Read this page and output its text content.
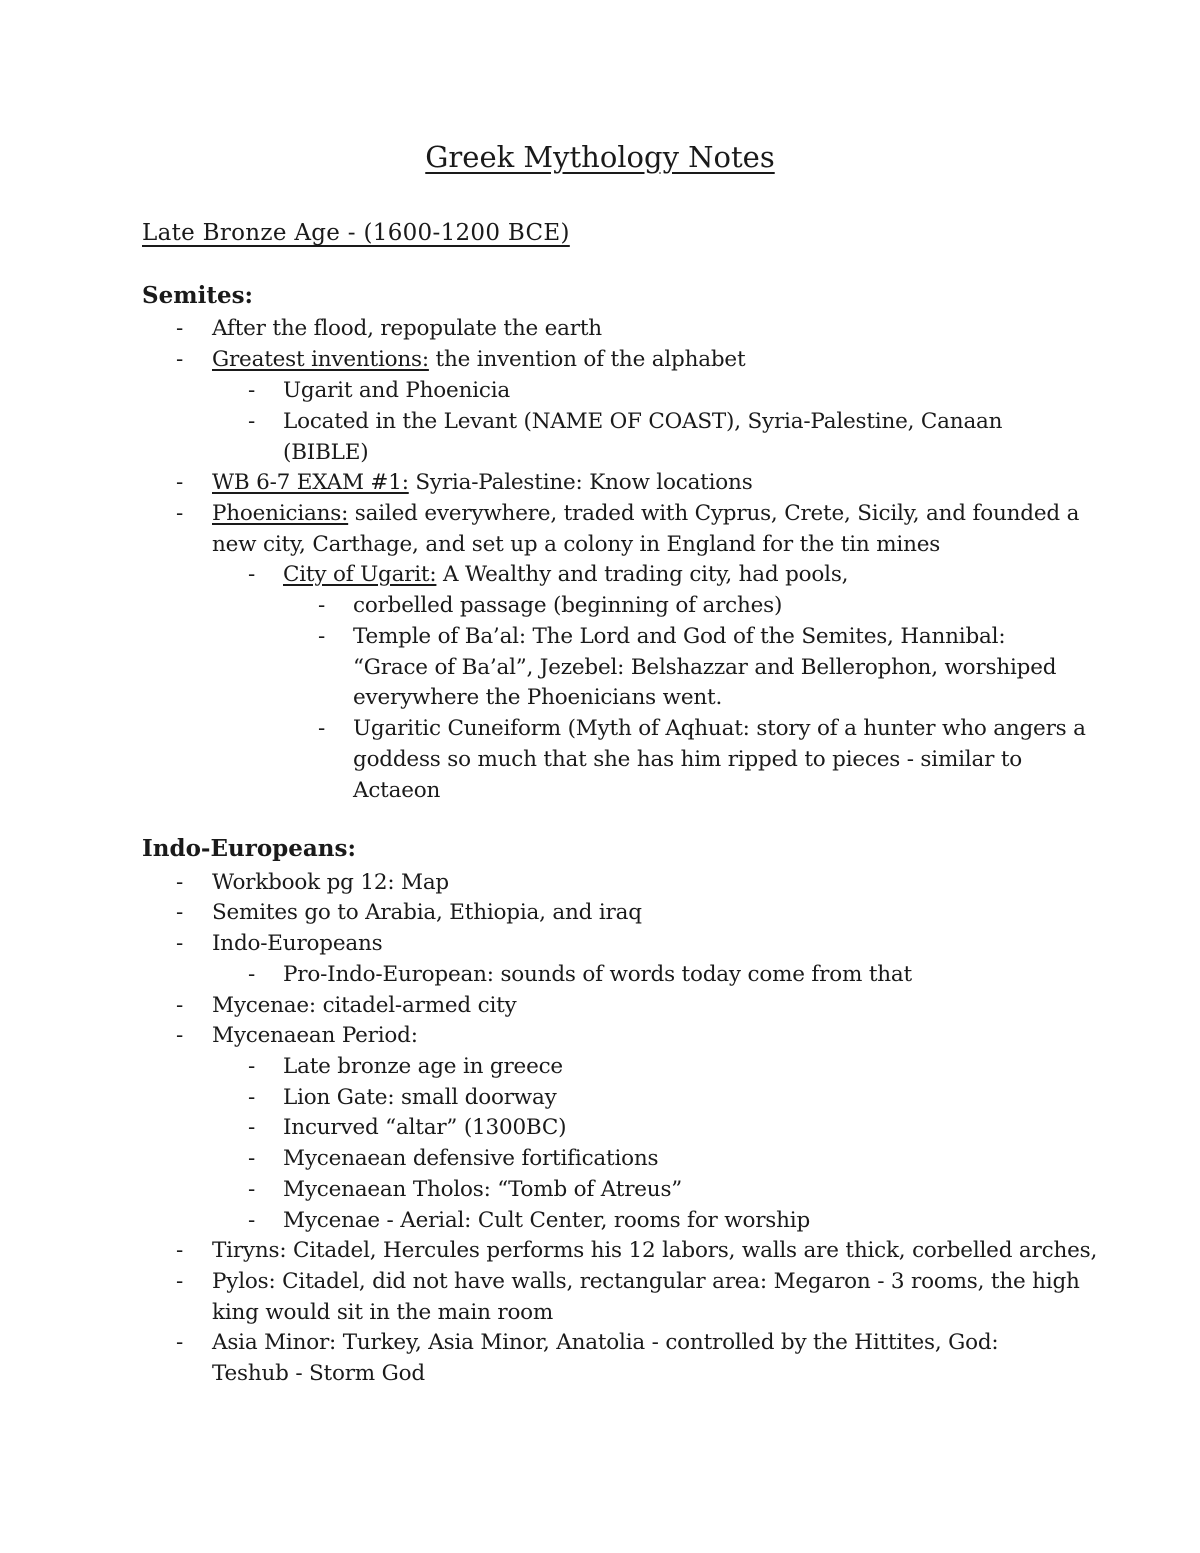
Greek Mythology Notes
Late Bronze Age - (1600-1200 BCE)
Semites:
- After the flood, repopulate the earth
- Greatest inventions: the invention of the alphabet
- Ugarit and Phoenicia
- Located in the Levant (NAME OF COAST), Syria-Palestine, Canaan
(BIBLE)
- WB 6-7 EXAM #1: Syria-Palestine: Know locations
- Phoenicians: sailed everywhere, traded with Cyprus, Crete, Sicily, and founded a
new city, Carthage, and set up a colony in England for the tin mines
- City of Ugarit: A Wealthy and trading city, had pools,
- corbelled passage (beginning of arches)
- Temple of Ba’al: The Lord and God of the Semites, Hannibal:
“Grace of Ba’al”, Jezebel: Belshazzar and Bellerophon, worshiped
everywhere the Phoenicians went.
- Ugaritic Cuneiform (Myth of Aqhuat: story of a hunter who angers a
goddess so much that she has him ripped to pieces - similar to
Actaeon
Indo-Europeans:
- Workbook pg 12: Map
- Semites go to Arabia, Ethiopia, and iraq
- Indo-Europeans
- Pro-Indo-European: sounds of words today come from that
- Mycenae: citadel-armed city
- Mycenaean Period:
- Late bronze age in greece
- Lion Gate: small doorway
- Incurved “altar” (1300BC)
- Mycenaean defensive fortifications
- Mycenaean Tholos: “Tomb of Atreus”
- Mycenae - Aerial: Cult Center, rooms for worship
- Tiryns: Citadel, Hercules performs his 12 labors, walls are thick, corbelled arches,
- Pylos: Citadel, did not have walls, rectangular area: Megaron - 3 rooms, the high
king would sit in the main room
- Asia Minor: Turkey, Asia Minor, Anatolia - controlled by the Hittites, God:
Teshub - Storm God
